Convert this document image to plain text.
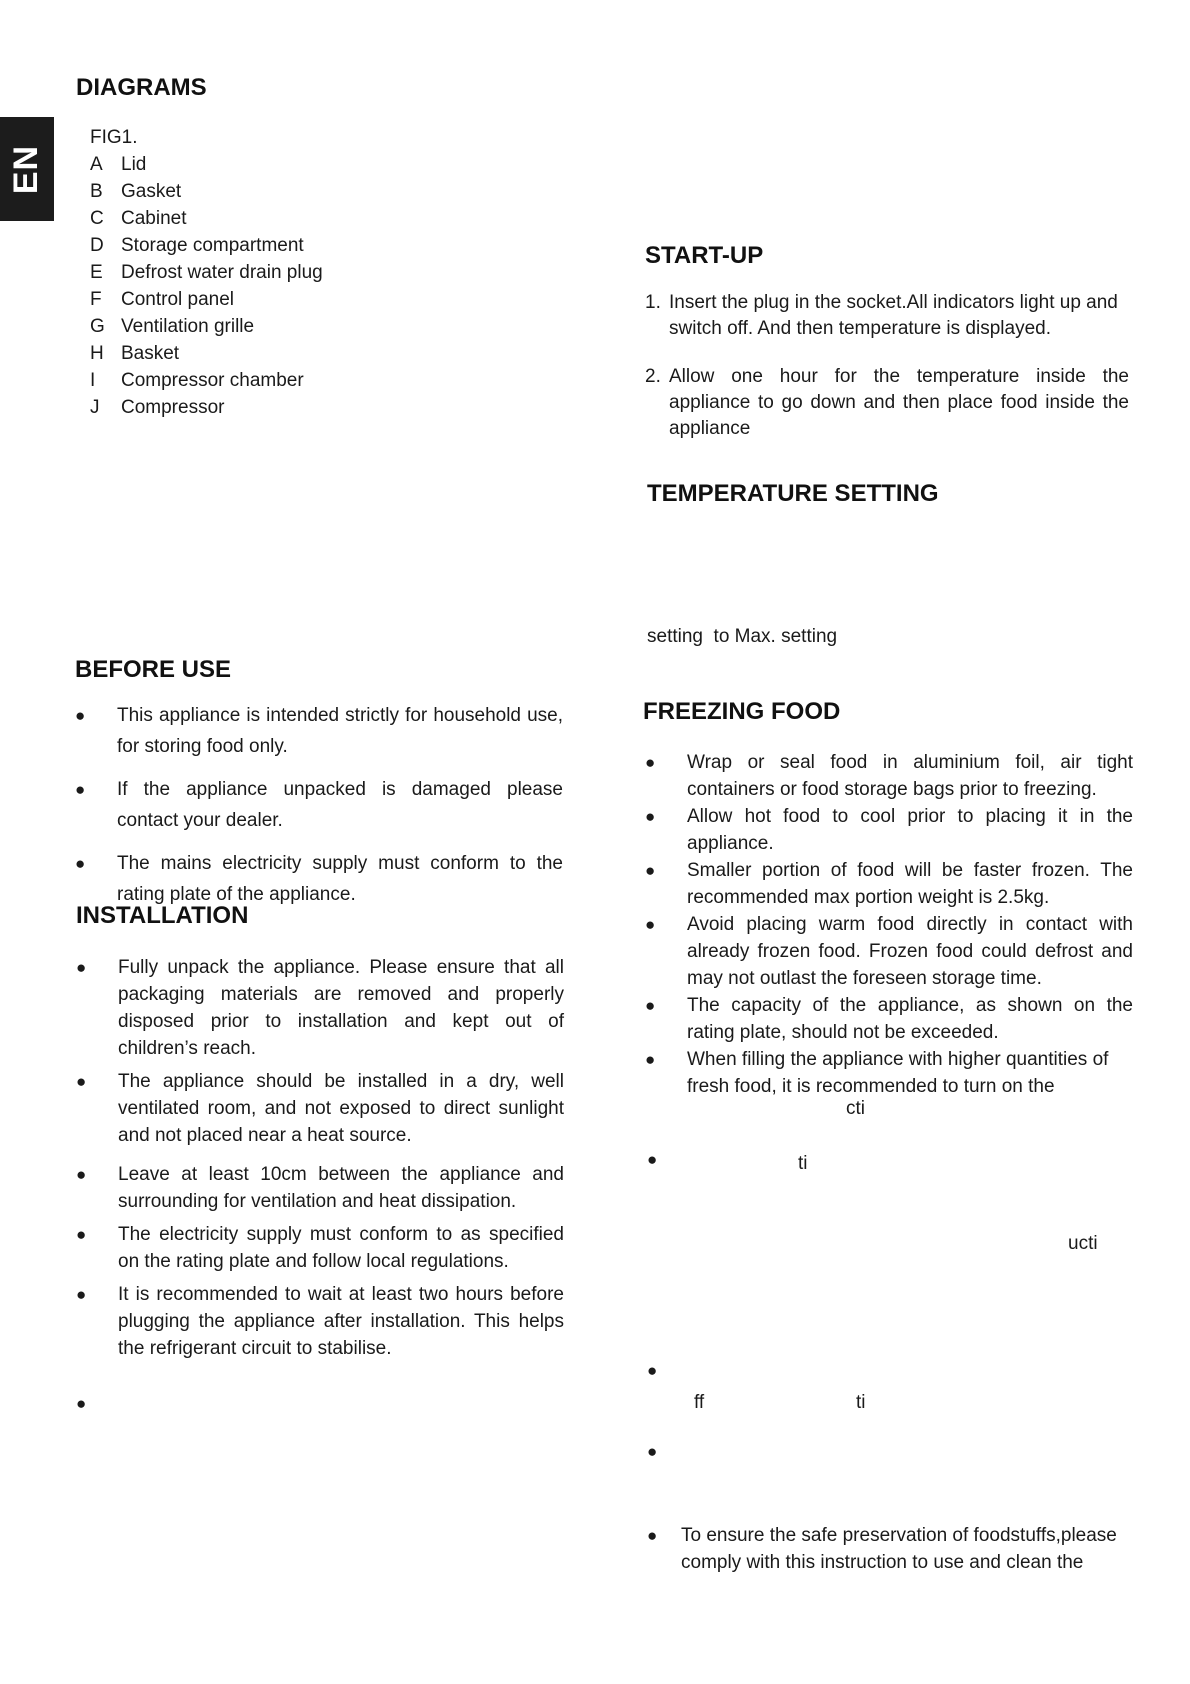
EN
DIAGRAMS
FIG1.
A Lid
B Gasket
C Cabinet
D Storage compartment
E Defrost water drain plug
F	Control panel
G Ventilation grille
H Basket
I	Compressor chamber
J	Compressor
BEFORE USE
● This appliance is intended strictly for household use, for storing food only.
● If the appliance unpacked is damaged please contact your dealer.
● The mains electricity supply must conform to the rating plate of the appliance.
INSTALLATION
● Fully unpack the appliance. Please ensure that all packaging materials are removed and properly disposed prior to installation and kept out of children’s reach.
● The appliance should be installed in a dry, well ventilated room, and not exposed to direct sunlight and not placed near a heat source.
● Leave at least 10cm between the appliance and surrounding for ventilation and heat dissipation.
● The electricity supply must conform to as specified on the rating plate and follow local regulations.
● It is recommended to wait at least two hours before plugging the appliance after installation. This helps the refrigerant circuit to stabilise.
●
START-UP
1. Insert the plug in the socket.All indicators light up and switch off. And then temperature is displayed.
2. Allow one hour for the temperature inside the appliance to go down and then place food inside the appliance
TEMPERATURE SETTING
setting  to Max. setting
FREEZING FOOD
● Wrap or seal food in aluminium foil, air tight containers or food storage bags prior to freezing.
● Allow hot food to cool prior to placing it in the appliance.
● Smaller portion of food will be faster frozen. The recommended max portion weight is 2.5kg.
● Avoid placing warm food directly in contact with already frozen food. Frozen food could defrost and may not outlast the foreseen storage time.
● The capacity of the appliance, as shown on the rating plate, should not be exceeded.
● When filling the appliance with higher quantities of fresh food, it is recommended to turn on the
cti
●	ti
ucti
●
ff	ti
●
● To ensure the safe preservation of foodstuffs,please comply with this instruction to use and clean the
